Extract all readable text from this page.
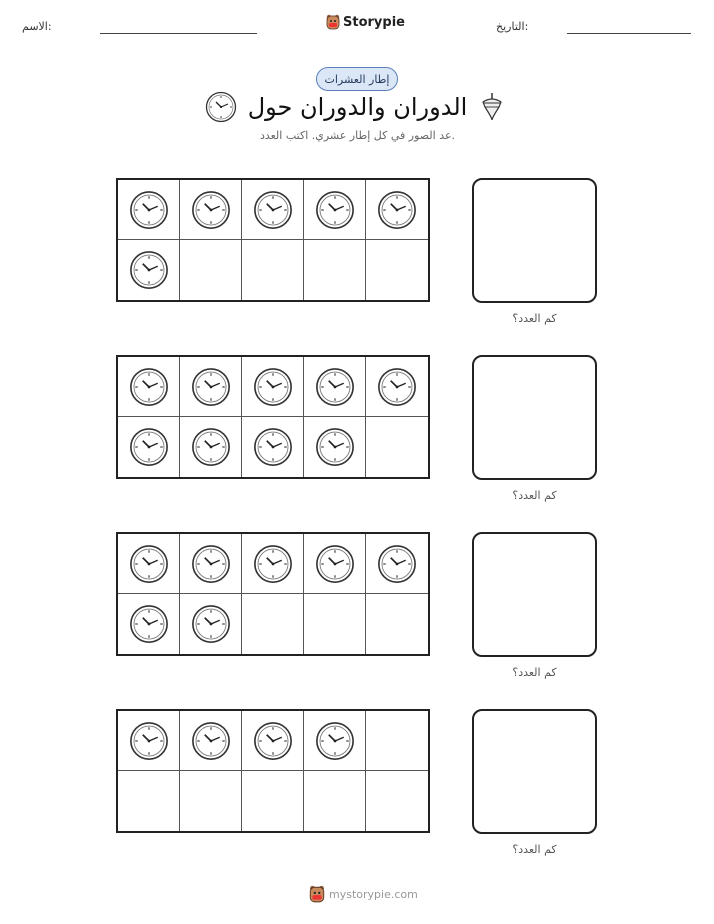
الاسم:	Storypie	التاريخ:
إطار العشرات
الدوران والدوران حول
عد الصور في كل إطار عشري. اكتب العدد.
كم العدد؟
كم العدد؟
كم العدد؟
كم العدد؟
mystorypie.com
